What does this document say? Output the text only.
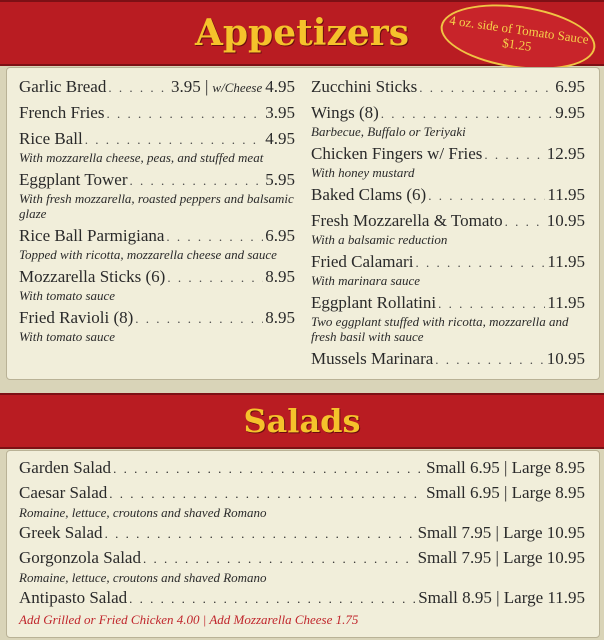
Appetizers	4 oz. side of Tomato Sauce $1.25
Garlic Bread . . .	3.95 | w/Cheese 4.95
French Fries . . .	3.95
Rice Ball . . .	4.95
With mozzarella cheese, peas, and stuffed meat
Eggplant Tower . . .	5.95
With fresh mozzarella, roasted peppers and balsamic glaze
Rice Ball Parmigiana . . .	6.95
Topped with ricotta, mozzarella cheese and sauce
Mozzarella Sticks (6) . . .	8.95
With tomato sauce
Fried Ravioli (8) . . .	8.95
With tomato sauce
Zucchini Sticks . . .	6.95
Wings (8) . . .	9.95
Barbecue, Buffalo or Teriyaki
Chicken Fingers w/ Fries . . .	12.95
With honey mustard
Baked Clams (6) . . .	11.95
Fresh Mozzarella & Tomato . . .	10.95
With a balsamic reduction
Fried Calamari . . .	11.95
With marinara sauce
Eggplant Rollatini . . .	11.95
Two eggplant stuffed with ricotta, mozzarella and fresh basil with sauce
Mussels Marinara . . .	10.95
Salads
Garden Salad . . .	Small 6.95 | Large 8.95
Caesar Salad . . .	Small 6.95 | Large 8.95
Romaine, lettuce, croutons and shaved Romano
Greek Salad . . .	Small 7.95 | Large 10.95
Gorgonzola Salad . . .	Small 7.95 | Large 10.95
Romaine, lettuce, croutons and shaved Romano
Antipasto Salad . . .	Small 8.95 | Large 11.95
Add Grilled or Fried Chicken 4.00 | Add Mozzarella Cheese 1.75
